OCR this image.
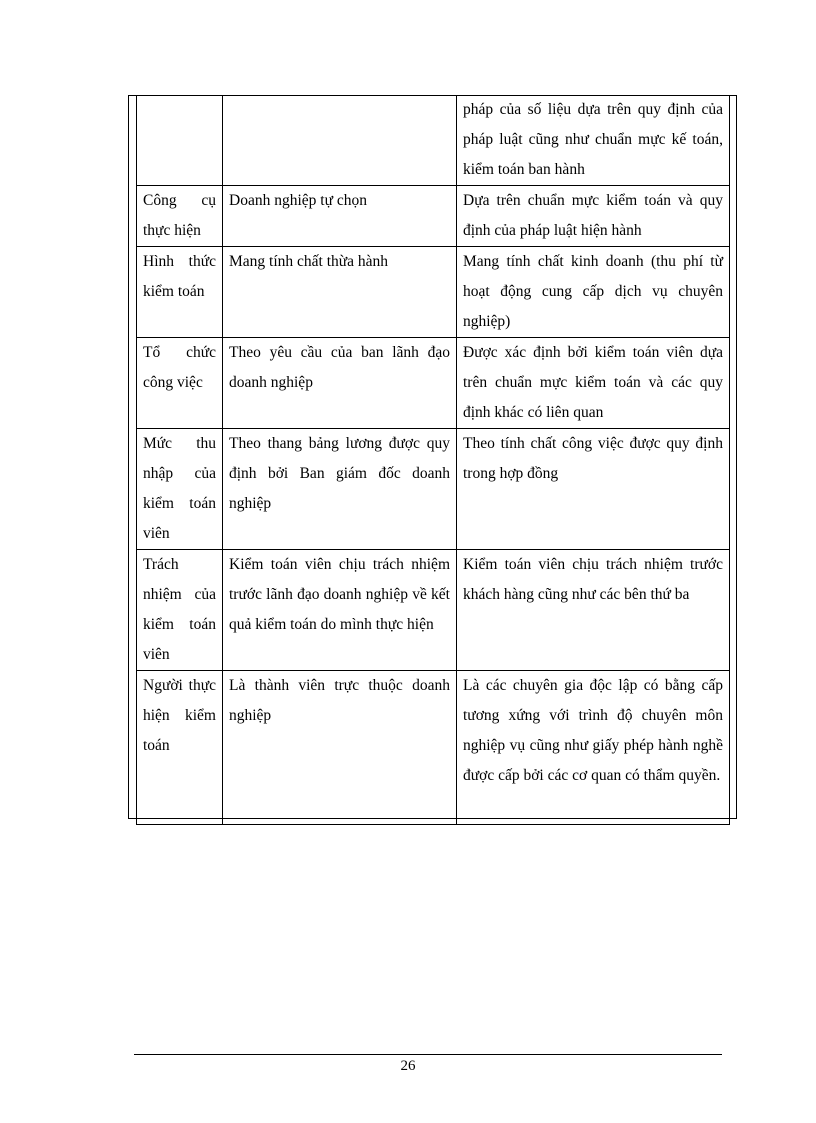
		pháp của số liệu dựa trên quy định của pháp luật cũng như chuẩn mực kế toán, kiểm toán ban hành
Công cụ thực hiện	Doanh nghiệp tự chọn	Dựa trên chuẩn mực kiểm toán và quy định của pháp luật hiện hành
Hình thức kiểm toán	Mang tính chất thừa hành	Mang tính chất kinh doanh (thu phí từ hoạt động cung cấp dịch vụ chuyên nghiệp)
Tổ chức công việc	Theo yêu cầu của ban lãnh đạo doanh nghiệp	Được xác định bởi kiểm toán viên dựa trên chuẩn mực kiểm toán và các quy định khác có liên quan
Mức thu nhập của kiểm toán viên	Theo thang bảng lương được quy định bởi Ban giám đốc doanh nghiệp	Theo tính chất công việc được quy định trong hợp đồng
Trách nhiệm của kiểm toán viên	Kiểm toán viên chịu trách nhiệm trước lãnh đạo doanh nghiệp về kết quả kiểm toán do mình thực hiện	Kiểm toán viên chịu trách nhiệm trước khách hàng cũng như các bên thứ ba
Người thực hiện kiểm toán	Là thành viên trực thuộc doanh nghiệp	Là các chuyên gia độc lập có bằng cấp tương xứng với trình độ chuyên môn nghiệp vụ cũng như giấy phép hành nghề được cấp bởi các cơ quan có thẩm quyền.
26
